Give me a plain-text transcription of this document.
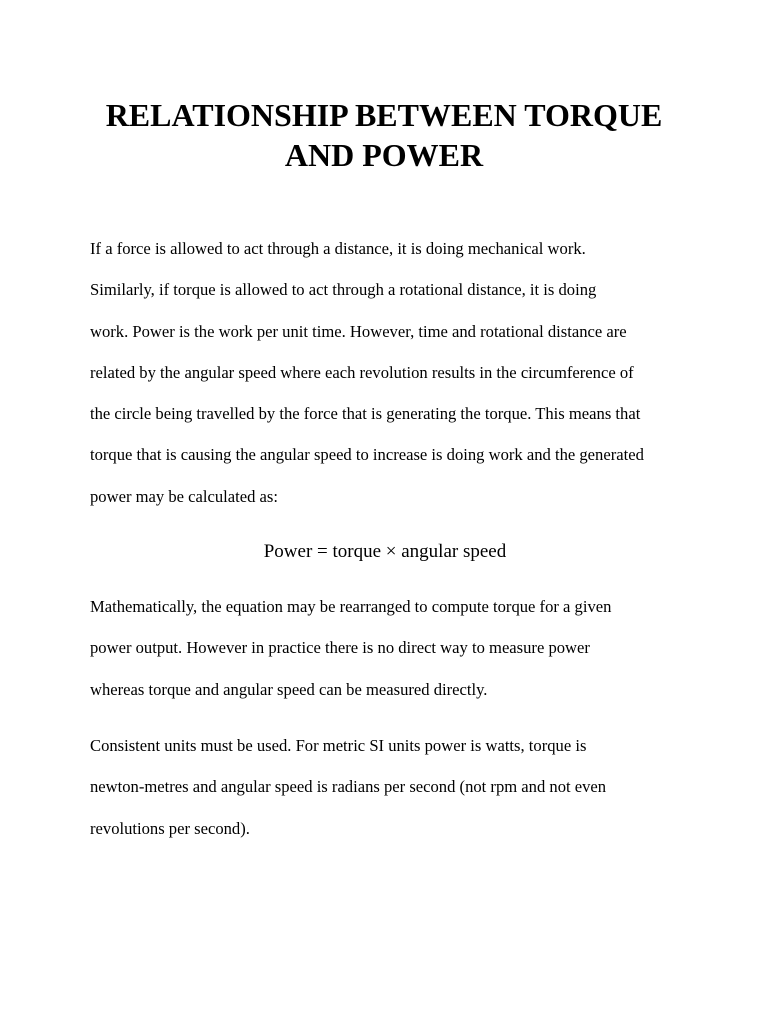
RELATIONSHIP BETWEEN TORQUE
AND POWER

If a force is allowed to act through a distance, it is doing mechanical work.
Similarly, if torque is allowed to act through a rotational distance, it is doing
work. Power is the work per unit time. However, time and rotational distance are
related by the angular speed where each revolution results in the circumference of
the circle being travelled by the force that is generating the torque. This means that
torque that is causing the angular speed to increase is doing work and the generated
power may be calculated as:

Power = torque × angular speed

Mathematically, the equation may be rearranged to compute torque for a given
power output. However in practice there is no direct way to measure power
whereas torque and angular speed can be measured directly.

Consistent units must be used. For metric SI units power is watts, torque is
newton-metres and angular speed is radians per second (not rpm and not even
revolutions per second).
